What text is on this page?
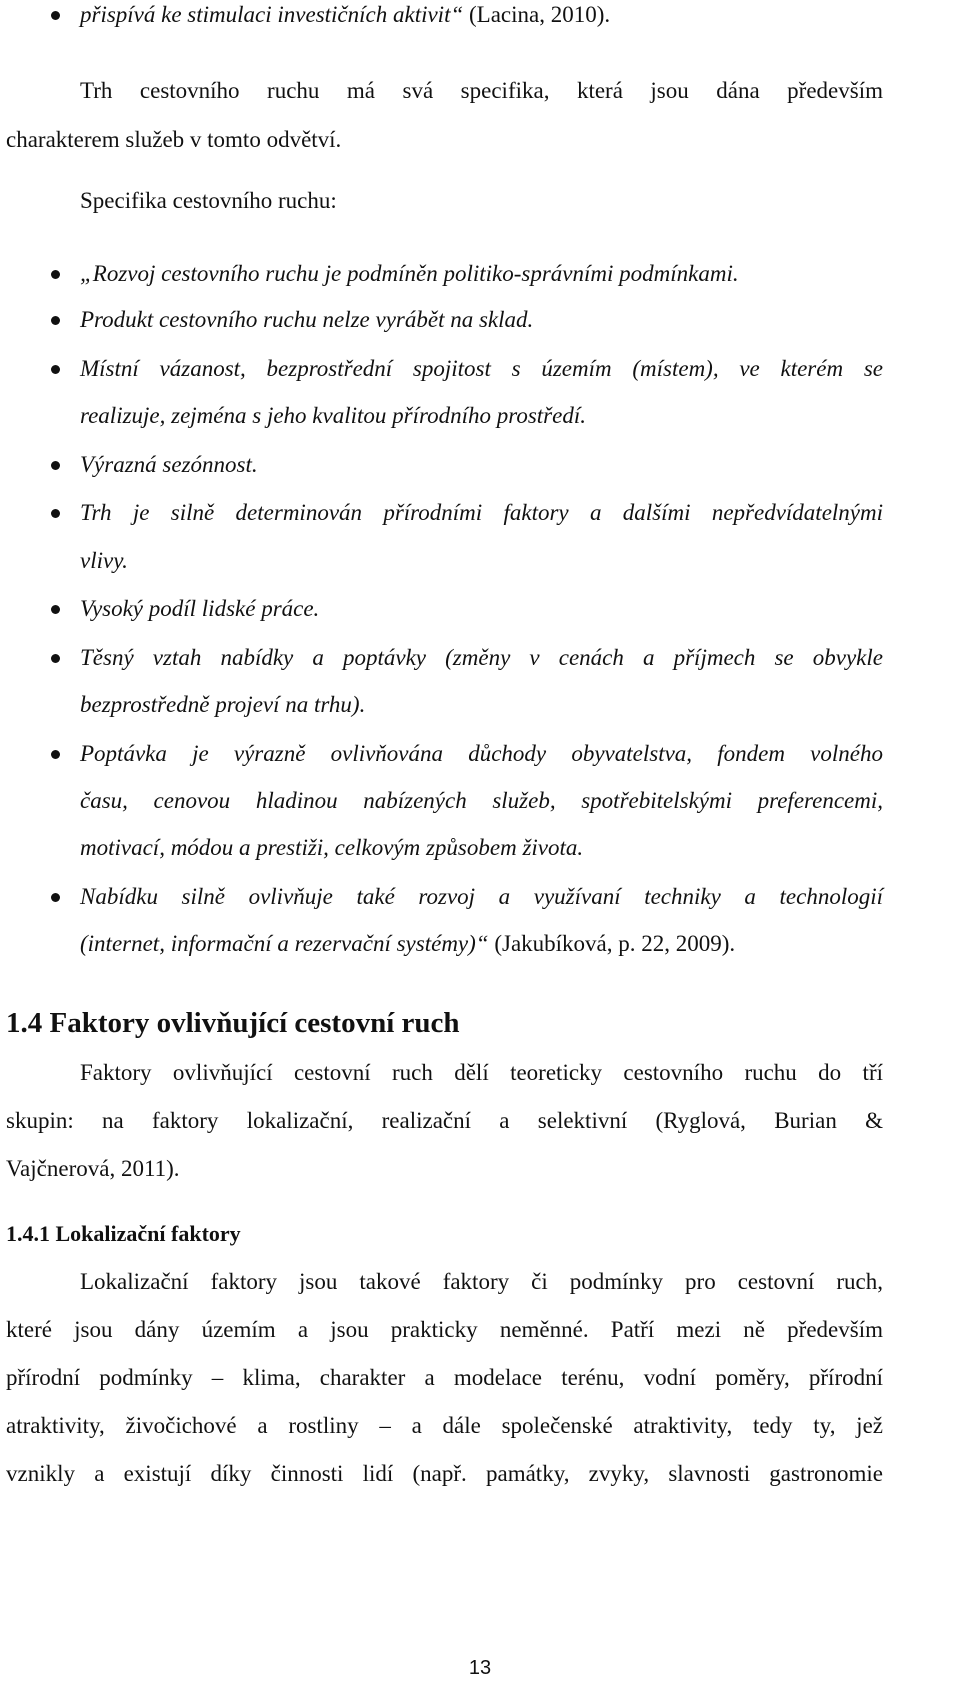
přispívá ke stimulaci investičních aktivit“ (Lacina, 2010).
Trh cestovního ruchu má svá specifika, která jsou dána především
charakterem služeb v tomto odvětví.
Specifika cestovního ruchu:
„Rozvoj cestovního ruchu je podmíněn politiko-správními podmínkami.
Produkt cestovního ruchu nelze vyrábět na sklad.
Místní vázanost, bezprostřední spojitost s územím (místem), ve kterém se
realizuje, zejména s jeho kvalitou přírodního prostředí.
Výrazná sezónnost.
Trh je silně determinován přírodními faktory a dalšími nepředvídatelnými
vlivy.
Vysoký podíl lidské práce.
Těsný vztah nabídky a poptávky (změny v cenách a příjmech se obvykle
bezprostředně projeví na trhu).
Poptávka je výrazně ovlivňována důchody obyvatelstva, fondem volného
času, cenovou hladinou nabízených služeb, spotřebitelskými preferencemi,
motivací, módou a prestiži, celkovým způsobem života.
Nabídku silně ovlivňuje také rozvoj a využívaní techniky a technologií
(internet, informační a rezervační systémy)“ (Jakubíková, p. 22, 2009).
1.4 Faktory ovlivňující cestovní ruch
Faktory ovlivňující cestovní ruch dělí teoreticky cestovního ruchu do tří
skupin: na faktory lokalizační, realizační a selektivní (Ryglová, Burian &
Vajčnerová, 2011).
1.4.1 Lokalizační faktory
Lokalizační faktory jsou takové faktory či podmínky pro cestovní ruch,
které jsou dány územím a jsou prakticky neměnné. Patří mezi ně především
přírodní podmínky – klima, charakter a modelace terénu, vodní poměry, přírodní
atraktivity, živočichové a rostliny – a dále společenské atraktivity, tedy ty, jež
vznikly a existují díky činnosti lidí (např. památky, zvyky, slavnosti gastronomie
13
